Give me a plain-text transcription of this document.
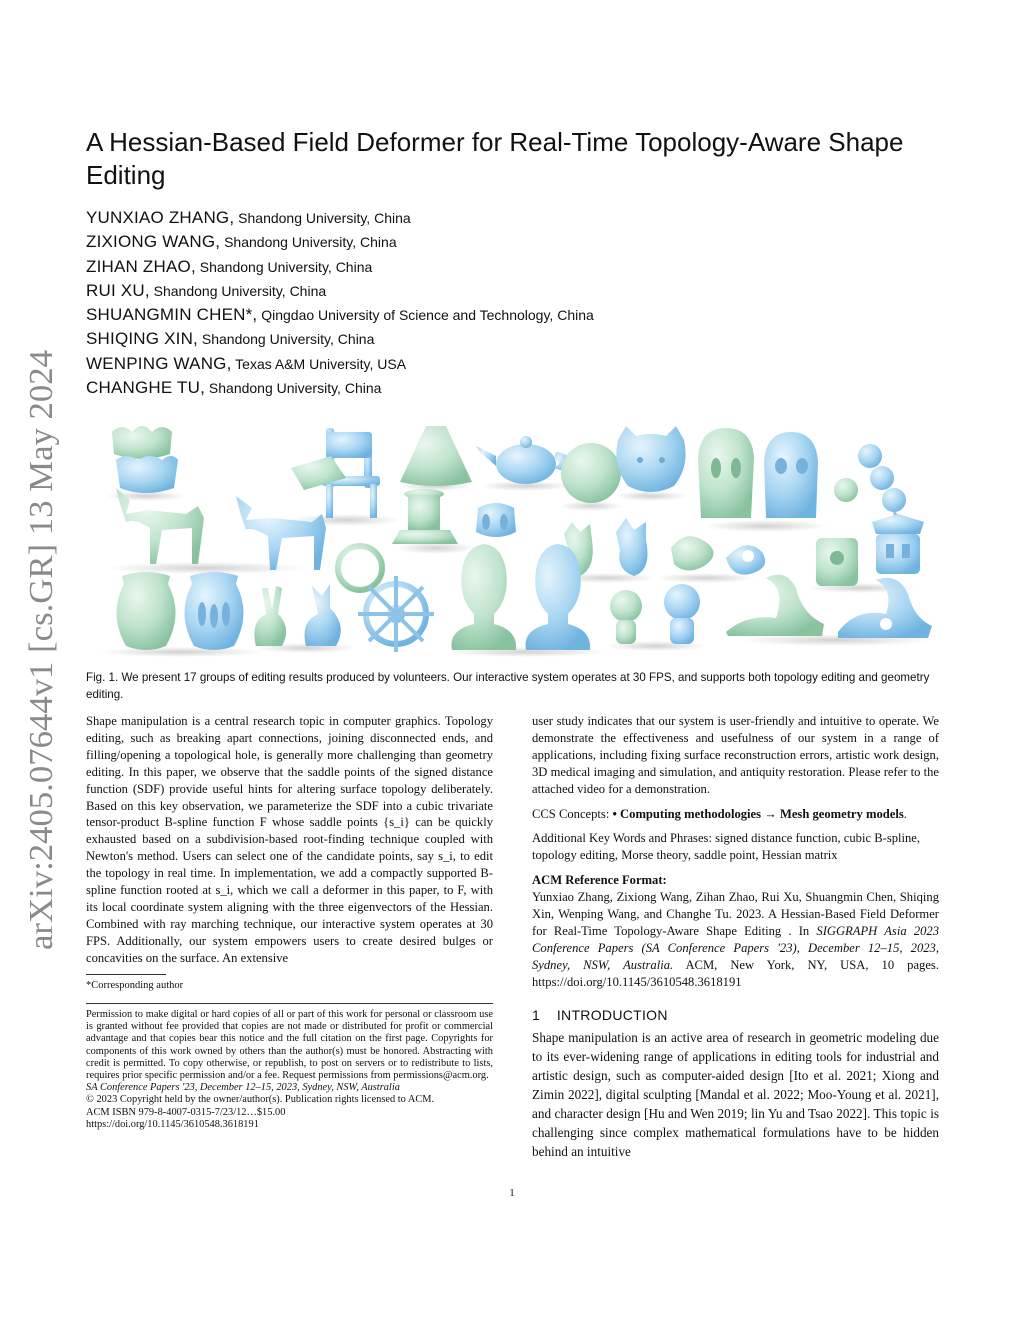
arXiv:2405.07644v1 [cs.GR] 13 May 2024
A Hessian-Based Field Deformer for Real-Time Topology-Aware Shape Editing
YUNXIAO ZHANG, Shandong University, China
ZIXIONG WANG, Shandong University, China
ZIHAN ZHAO, Shandong University, China
RUI XU, Shandong University, China
SHUANGMIN CHEN*, Qingdao University of Science and Technology, China
SHIQING XIN, Shandong University, China
WENPING WANG, Texas A&M University, USA
CHANGHE TU, Shandong University, China
Fig. 1. We present 17 groups of editing results produced by volunteers. Our interactive system operates at 30 FPS, and supports both topology editing and geometry editing.

Shape manipulation is a central research topic in computer graphics. Topology editing, such as breaking apart connections, joining disconnected ends, and filling/opening a topological hole, is generally more challenging than geometry editing. In this paper, we observe that the saddle points of the signed distance function (SDF) provide useful hints for altering surface topology deliberately. Based on this key observation, we parameterize the SDF into a cubic trivariate tensor-product B-spline function F whose saddle points {s_i} can be quickly exhausted based on a subdivision-based root-finding technique coupled with Newton's method. Users can select one of the candidate points, say s_i, to edit the topology in real time. In implementation, we add a compactly supported B-spline function rooted at s_i, which we call a deformer in this paper, to F, with its local coordinate system aligning with the three eigenvectors of the Hessian. Combined with ray marching technique, our interactive system operates at 30 FPS. Additionally, our system empowers users to create desired bulges or concavities on the surface. An extensive

*Corresponding author

Permission to make digital or hard copies of all or part of this work for personal or classroom use is granted without fee provided that copies are not made or distributed for profit or commercial advantage and that copies bear this notice and the full citation on the first page. Copyrights for components of this work owned by others than the author(s) must be honored. Abstracting with credit is permitted. To copy otherwise, or republish, to post on servers or to redistribute to lists, requires prior specific permission and/or a fee. Request permissions from permissions@acm.org.

SA Conference Papers '23, December 12–15, 2023, Sydney, NSW, Australia

© 2023 Copyright held by the owner/author(s). Publication rights licensed to ACM.

ACM ISBN 979-8-4007-0315-7/23/12…$15.00

https://doi.org/10.1145/3610548.3618191

user study indicates that our system is user-friendly and intuitive to operate. We demonstrate the effectiveness and usefulness of our system in a range of applications, including fixing surface reconstruction errors, artistic work design, 3D medical imaging and simulation, and antiquity restoration. Please refer to the attached video for a demonstration.

CCS Concepts: • Computing methodologies → Mesh geometry models.

Additional Key Words and Phrases: signed distance function, cubic B-spline, topology editing, Morse theory, saddle point, Hessian matrix

ACM Reference Format:

Yunxiao Zhang, Zixiong Wang, Zihan Zhao, Rui Xu, Shuangmin Chen, Shiqing Xin, Wenping Wang, and Changhe Tu. 2023. A Hessian-Based Field Deformer for Real-Time Topology-Aware Shape Editing . In SIGGRAPH Asia 2023 Conference Papers (SA Conference Papers '23), December 12–15, 2023, Sydney, NSW, Australia. ACM, New York, NY, USA, 10 pages. https://doi.org/10.1145/3610548.3618191

1 INTRODUCTION

Shape manipulation is an active area of research in geometric modeling due to its ever-widening range of applications in editing tools for industrial and artistic design, such as computer-aided design [Ito et al. 2021; Xiong and Zimin 2022], digital sculpting [Mandal et al. 2022; Moo-Young et al. 2021], and character design [Hu and Wen 2019; lin Yu and Tsao 2022]. This topic is challenging since complex mathematical formulations have to be hidden behind an intuitive

1
